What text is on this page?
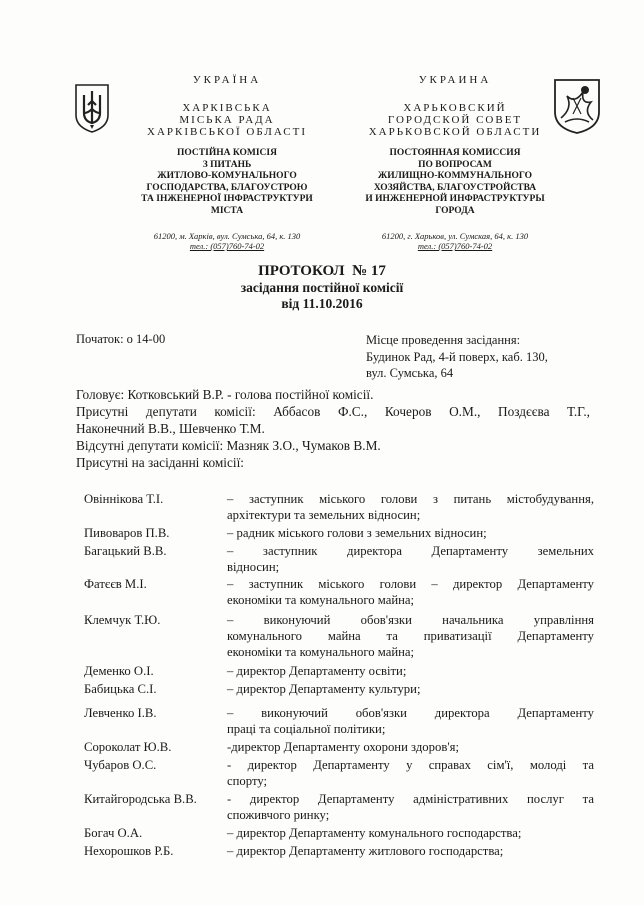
УКРАЇНА
ХАРКІВСЬКА
МІСЬКА РАДА
ХАРКІВСЬКОЇ ОБЛАСТІ
ПОСТІЙНА КОМІСІЯ
З ПИТАНЬ
ЖИТЛОВО-КОМУНАЛЬНОГО
ГОСПОДАРСТВА, БЛАГОУСТРОЮ
ТА ІНЖЕНЕРНОЇ ІНФРАСТРУКТУРИ
МІСТА
61200, м. Харків, вул. Сумська, 64, к. 130
тел.: (057)760-74-02
УКРАИНА
ХАРЬКОВСКИЙ
ГОРОДСКОЙ СОВЕТ
ХАРЬКОВСКОЙ ОБЛАСТИ
ПОСТОЯННАЯ КОМИССИЯ
ПО ВОПРОСАМ
ЖИЛИЩНО-КОММУНАЛЬНОГО
ХОЗЯЙСТВА, БЛАГОУСТРОЙСТВА
И ИНЖЕНЕРНОЙ ИНФРАСТРУКТУРЫ
ГОРОДА
61200, г. Харьков, ул. Сумская, 64, к. 130
тел.: (057)760-74-02
ПРОТОКОЛ  № 17
засідання постійної комісії
від 11.10.2016
Початок: о 14-00	Місце проведення засідання:
Будинок Рад, 4-й поверх, каб. 130,
вул. Сумська, 64

Головує: Котковський В.Р. - голова постійної комісії.

Присутні депутати комісії: Аббасов Ф.С., Кочеров О.М., Поздєєва Т.Г.,

Наконечний В.В., Шевченко Т.М.

Відсутні депутати комісії: Мазняк З.О., Чумаков В.М.

Присутні на засіданні комісії:

Овіннікова Т.І.	– заступник міського голови з питань містобудування,
архітектури та земельних відносин;
Пивоваров П.В.	– радник міського голови з земельних відносин;
Багацький В.В.	– заступник директора Департаменту земельних
відносин;
Фатєєв М.І.	– заступник міського голови – директор Департаменту
економіки та комунального майна;
Клемчук Т.Ю.	– виконуючий обов'язки начальника управління
комунального майна та приватизації Департаменту
економіки та комунального майна;
Деменко О.І.	– директор Департаменту освіти;
Бабицька С.І.	– директор Департаменту культури;
Левченко І.В.	– виконуючий обов'язки директора Департаменту
праці та соціальної політики;
Сороколат Ю.В.	-директор Департаменту охорони здоров'я;
Чубаров О.С.	- директор Департаменту у справах сім'ї, молоді та
спорту;
Китайгородська В.В.	- директор Департаменту адміністративних послуг та
споживчого ринку;
Богач О.А.	– директор Департаменту комунального господарства;
Нехорошков Р.Б.	– директор Департаменту житлового господарства;
